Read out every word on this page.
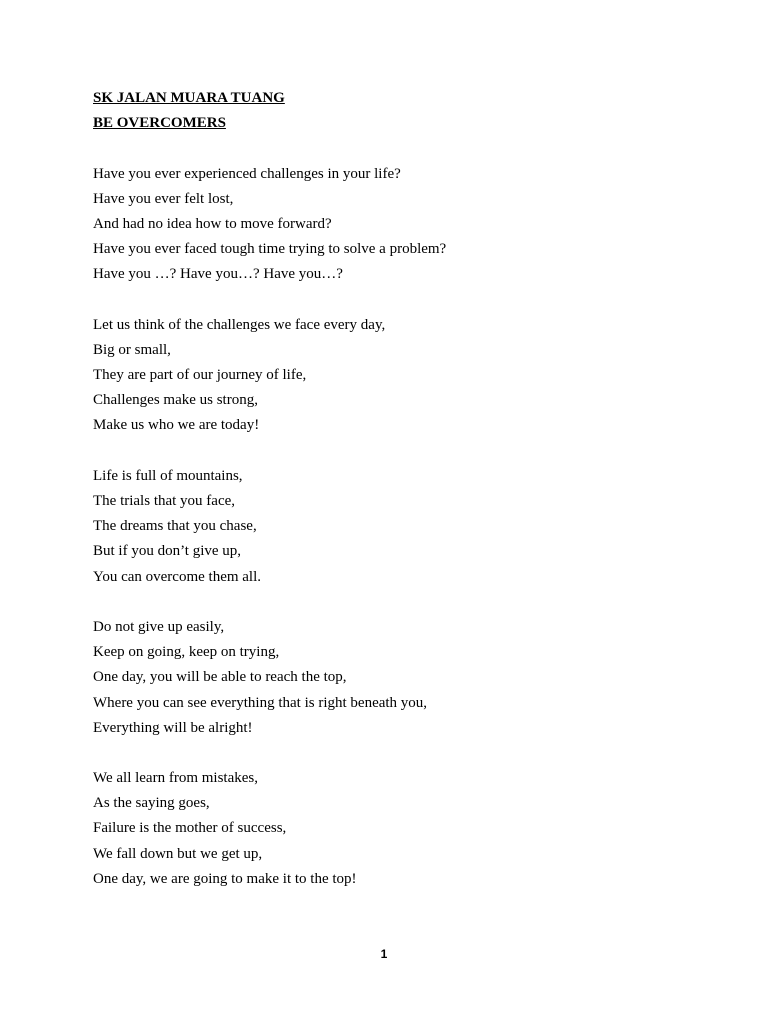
SK JALAN MUARA TUANG
BE OVERCOMERS
Have you ever experienced challenges in your life?
Have you ever felt lost,
And had no idea how to move forward?
Have you ever faced tough time trying to solve a problem?
Have you …? Have you…? Have you…?
Let us think of the challenges we face every day,
Big or small,
They are part of our journey of life,
Challenges make us strong,
Make us who we are today!
Life is full of mountains,
The trials that you face,
The dreams that you chase,
But if you don’t give up,
You can overcome them all.
Do not give up easily,
Keep on going, keep on trying,
One day, you will be able to reach the top,
Where you can see everything that is right beneath you,
Everything will be alright!
We all learn from mistakes,
As the saying goes,
Failure is the mother of success,
We fall down but we get up,
One day, we are going to make it to the top!
1
